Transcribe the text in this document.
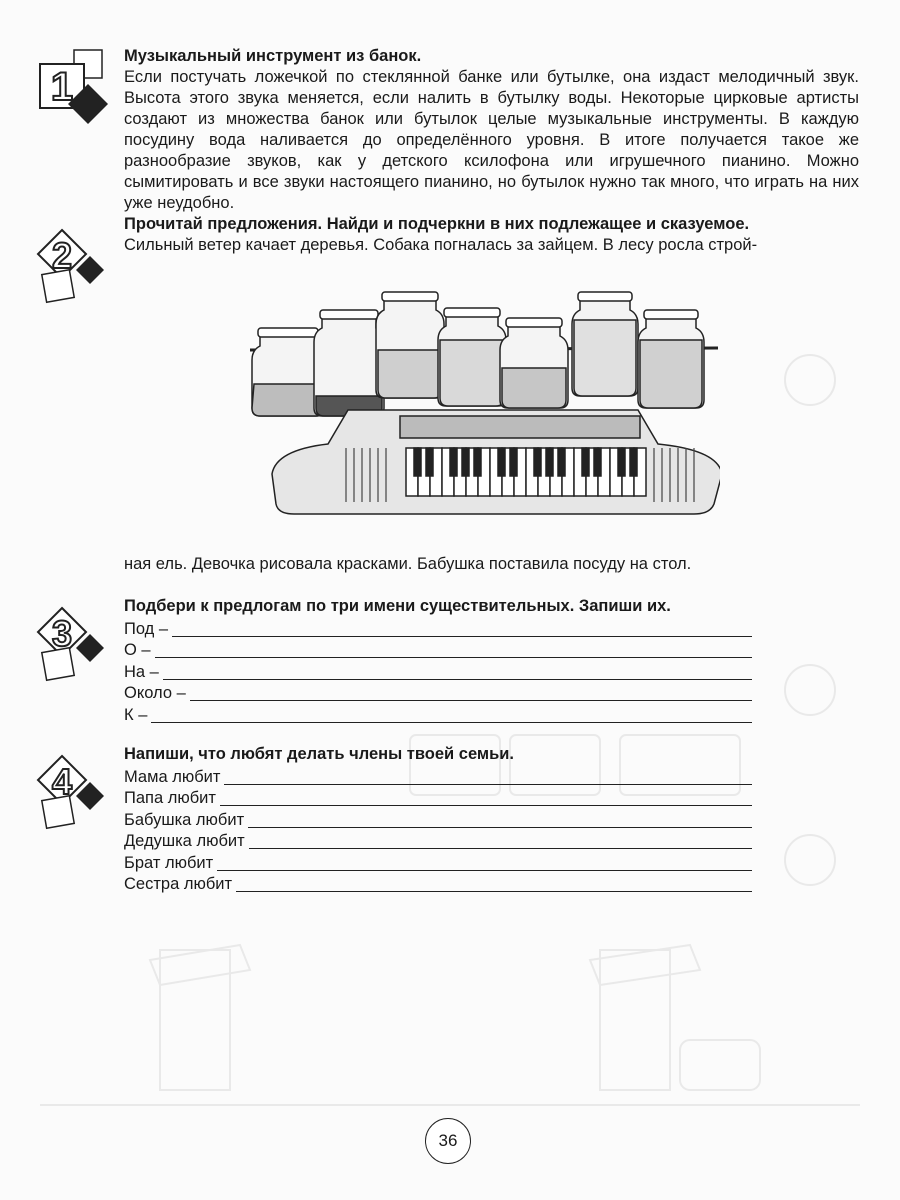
1

Музыкальный инструмент из банок.

Если постучать ложечкой по стеклянной банке или бутылке, она издаст мелодичный звук. Высота этого звука меняется, если налить в бутылку воды. Некоторые цирковые артисты создают из множества банок или бутылок целые музыкальные инструменты. В каждую посудину вода наливается до определённого уровня. В итоге получается такое же разнообразие звуков, как у детского ксилофона или игрушечного пианино. Можно сымитировать и все звуки настоящего пианино, но бутылок нужно так много, что играть на них уже неудобно.

2

Прочитай предложения. Найди и подчеркни в них подлежащее и сказуемое.

Сильный ветер качает деревья. Собака погналась за зайцем. В лесу росла строй-

ная ель. Девочка рисовала красками. Бабушка поставила посуду на стол.

3

Подбери к предлогам по три имени существительных. Запиши их.

Под –
О –
На –
Около –
К –
4

Напиши, что любят делать члены твоей семьи.

Мама любит
Папа любит
Бабушка любит
Дедушка любит
Брат любит
Сестра любит
36
